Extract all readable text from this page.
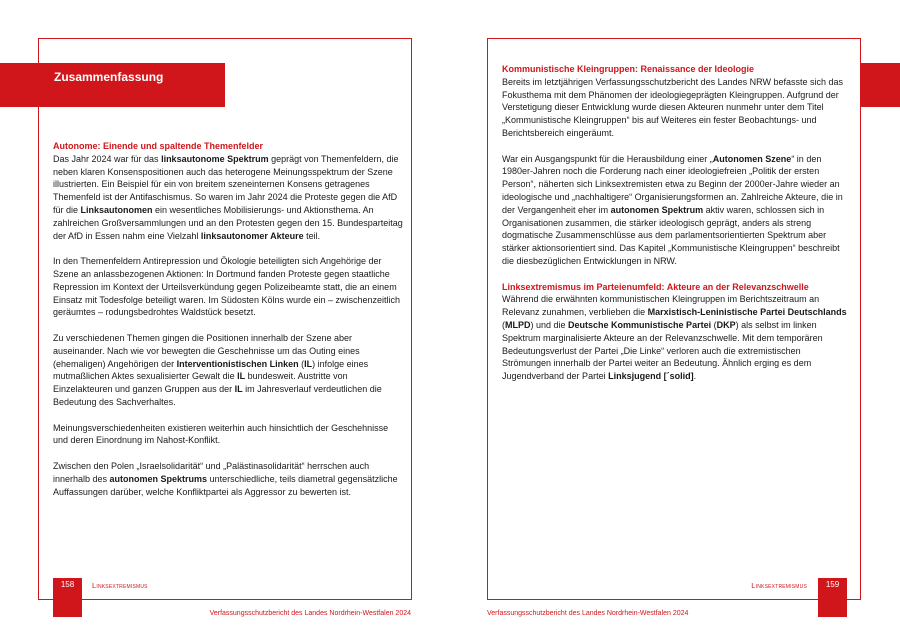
Zusammenfassung
Autonome: Einende und spaltende Themenfelder

Das Jahr 2024 war für das linksautonome Spektrum geprägt von Themenfeldern, die neben klaren Konsenspositionen auch das heterogene Meinungsspektrum der Szene illustrierten. Ein Beispiel für ein von breitem szeneinternen Konsens getragenes Themenfeld ist der Antifaschismus. So waren im Jahr 2024 die Proteste gegen die AfD für die Linksautonomen ein wesentliches Mobilisierungs- und Aktionsthema. An zahlreichen Großversammlungen und an den Protesten gegen den 15. Bundesparteitag der AfD in Essen nahm eine Vielzahl linksautonomer Akteure teil.

In den Themenfeldern Antirepression und Ökologie beteiligten sich Angehörige der Szene an anlassbezogenen Aktionen: In Dortmund fanden Proteste gegen staatliche Repression im Kontext der Urteilsverkündung gegen Polizeibeamte statt, die an einem Einsatz mit Todesfolge beteiligt waren. Im Südosten Kölns wurde ein – zwischenzeitlich geräumtes – rodungsbedrohtes Waldstück besetzt.

Zu verschiedenen Themen gingen die Positionen innerhalb der Szene aber auseinander. Nach wie vor bewegten die Geschehnisse um das Outing eines (ehemaligen) Angehörigen der Interventionistischen Linken (IL) infolge eines mutmaßlichen Aktes sexualisierter Gewalt die IL bundesweit. Austritte von Einzelakteuren und ganzen Gruppen aus der IL im Jahresverlauf verdeutlichen die Bedeutung des Sachverhaltes.

Meinungsverschiedenheiten existieren weiterhin auch hinsichtlich der Geschehnisse und deren Einordnung im Nahost-Konflikt.

Zwischen den Polen „Israelsolidarität“ und „Palästinasolidarität“ herrschen auch innerhalb des autonomen Spektrums unterschiedliche, teils diametral gegensätzliche Auffassungen darüber, welche Konfliktpartei als Aggressor zu bewerten ist.

Kommunistische Kleingruppen: Renaissance der Ideologie

Bereits im letztjährigen Verfassungsschutzbericht des Landes NRW befasste sich das Fokusthema mit dem Phänomen der ideologiegeprägten Kleingruppen. Aufgrund der Verstetigung dieser Entwicklung wurde diesen Akteuren nunmehr unter dem Titel „Kommunistische Kleingruppen“ bis auf Weiteres ein fester Beobachtungs- und Berichtsbereich eingeräumt.

War ein Ausgangspunkt für die Herausbildung einer „Autonomen Szene“ in den 1980er-Jahren noch die Forderung nach einer ideologiefreien „Politik der ersten Person“, näherten sich Linksextremisten etwa zu Beginn der 2000er-Jahre wieder an ideologische und „nachhaltigere“ Organisierungsformen an. Zahlreiche Akteure, die in der Vergangenheit eher im autonomen Spektrum aktiv waren, schlossen sich in Organisationen zusammen, die stärker ideologisch geprägt, anders als streng dogmatische Zusammenschlüsse aus dem parlamentsorientierten Spektrum aber stärker aktionsorientiert sind. Das Kapitel „Kommunistische Kleingruppen“ beschreibt die diesbezüglichen Entwicklungen in NRW.

Linksextremismus im Parteienumfeld: Akteure an der Relevanzschwelle

Während die erwähnten kommunistischen Kleingruppen im Berichtszeitraum an Relevanz zunahmen, verblieben die Marxistisch-Leninistische Partei Deutschlands (MLPD) und die Deutsche Kommunistische Partei (DKP) als selbst im linken Spektrum marginalisierte Akteure an der Relevanzschwelle. Mit dem temporären Bedeutungsverlust der Partei „Die Linke“ verloren auch die extremistischen Strömungen innerhalb der Partei weiter an Bedeutung. Ähnlich erging es dem Jugendverband der Partei Linksjugend [´solid].

158	159
Linksextremismus	Linksextremismus
Verfassungsschutzbericht des Landes Nordrhein-Westfalen 2024	Verfassungsschutzbericht des Landes Nordrhein-Westfalen 2024
